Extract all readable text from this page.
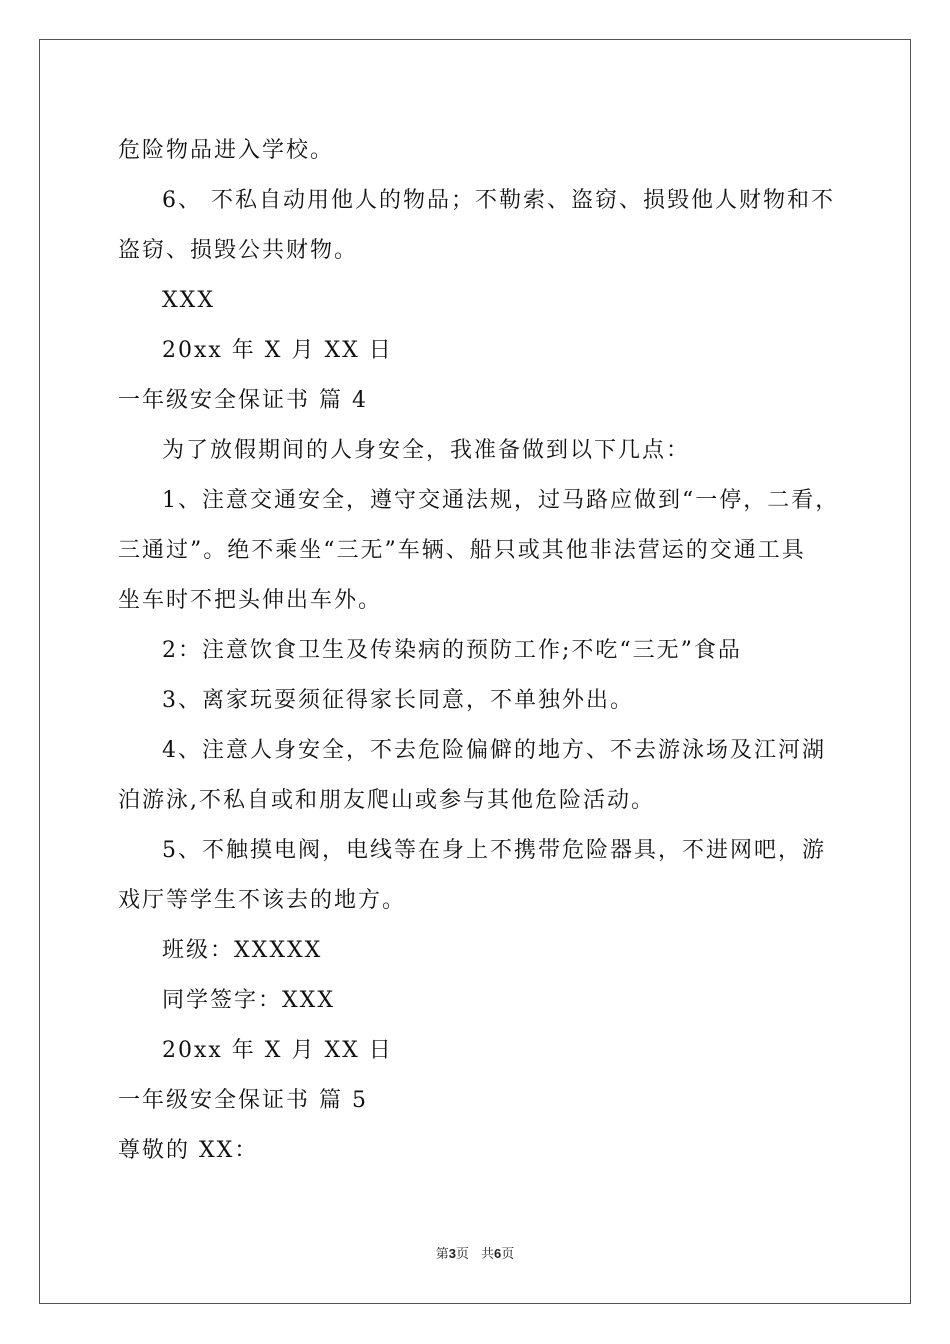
危险物品进入学校。
6、 不私自动用他人的物品；不勒索、盗窃、损毁他人财物和不
盗窃、损毁公共财物。
XXX
20xx 年 X 月 XX 日
一年级安全保证书 篇 4
为了放假期间的人身安全，我准备做到以下几点：
1、注意交通安全，遵守交通法规，过马路应做到“一停，二看，
三通过”。绝不乘坐“三无”车辆、船只或其他非法营运的交通工具
坐车时不把头伸出车外。
2：注意饮食卫生及传染病的预防工作;不吃“三无”食品
3、离家玩耍须征得家长同意，不单独外出。
4、注意人身安全，不去危险偏僻的地方、不去游泳场及江河湖
泊游泳,不私自或和朋友爬山或参与其他危险活动。
5、不触摸电阀，电线等在身上不携带危险器具，不进网吧，游
戏厅等学生不该去的地方。
班级：XXXXX
同学签字：XXX
20xx 年 X 月 XX 日
一年级安全保证书 篇 5
尊敬的 XX：
第3页 共6页
